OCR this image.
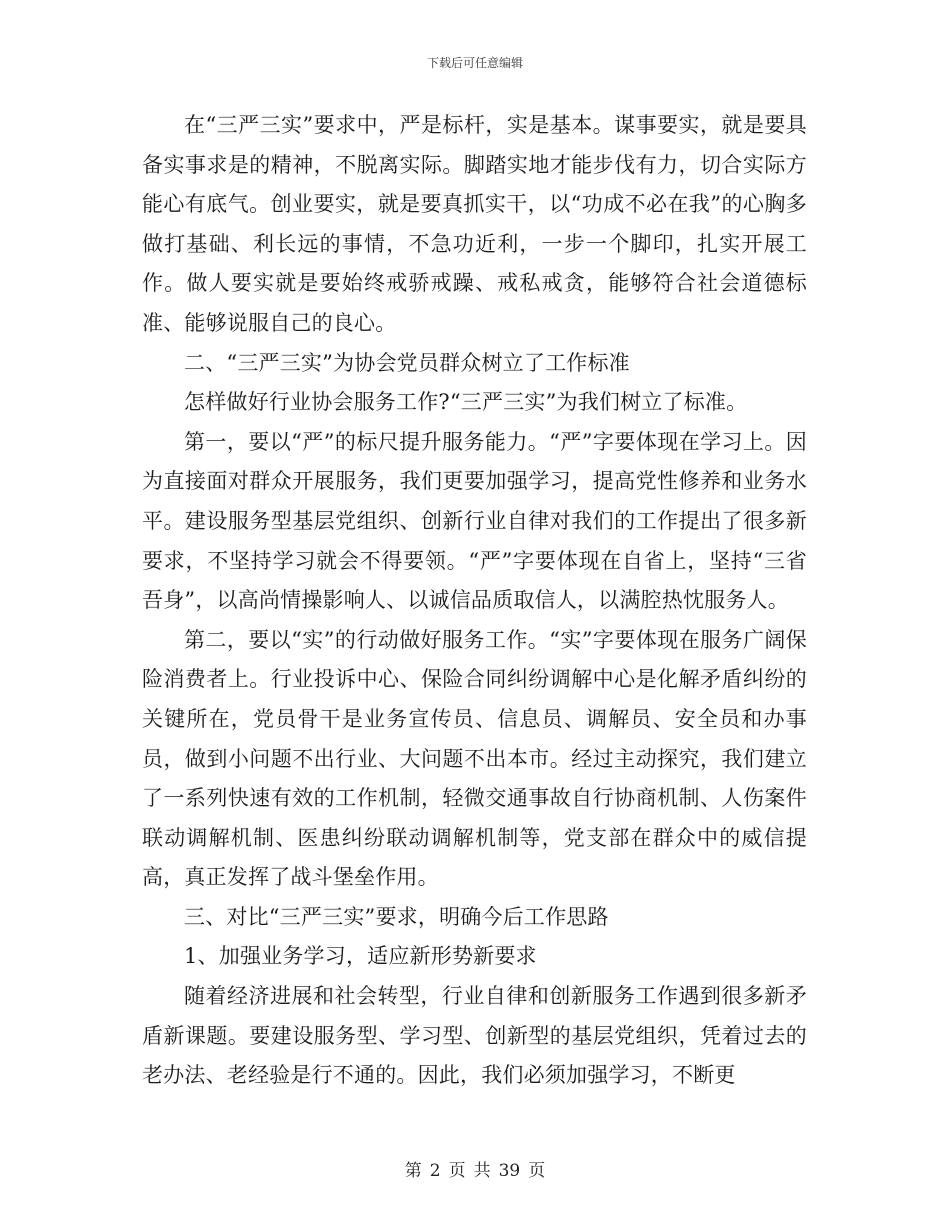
下载后可任意编辑

在“三严三实”要求中，严是标杆，实是基本。谋事要实，就是要具备实事求是的精神，不脱离实际。脚踏实地才能步伐有力，切合实际方能心有底气。创业要实，就是要真抓实干，以“功成不必在我”的心胸多做打基础、利长远的事情，不急功近利，一步一个脚印，扎实开展工作。做人要实就是要始终戒骄戒躁、戒私戒贪，能够符合社会道德标准、能够说服自己的良心。

二、“三严三实”为协会党员群众树立了工作标准

怎样做好行业协会服务工作?“三严三实”为我们树立了标准。

第一，要以“严”的标尺提升服务能力。“严”字要体现在学习上。因为直接面对群众开展服务，我们更要加强学习，提高党性修养和业务水平。建设服务型基层党组织、创新行业自律对我们的工作提出了很多新要求，不坚持学习就会不得要领。“严”字要体现在自省上，坚持“三省吾身”，以高尚情操影响人、以诚信品质取信人，以满腔热忱服务人。

第二，要以“实”的行动做好服务工作。“实”字要体现在服务广阔保险消费者上。行业投诉中心、保险合同纠纷调解中心是化解矛盾纠纷的关键所在，党员骨干是业务宣传员、信息员、调解员、安全员和办事员，做到小问题不出行业、大问题不出本市。经过主动探究，我们建立了一系列快速有效的工作机制，轻微交通事故自行协商机制、人伤案件联动调解机制、医患纠纷联动调解机制等，党支部在群众中的威信提高，真正发挥了战斗堡垒作用。

三、对比“三严三实”要求，明确今后工作思路

1、加强业务学习，适应新形势新要求

随着经济进展和社会转型，行业自律和创新服务工作遇到很多新矛盾新课题。要建设服务型、学习型、创新型的基层党组织，凭着过去的老办法、老经验是行不通的。因此，我们必须加强学习，不断更

第 2 页 共 39 页
